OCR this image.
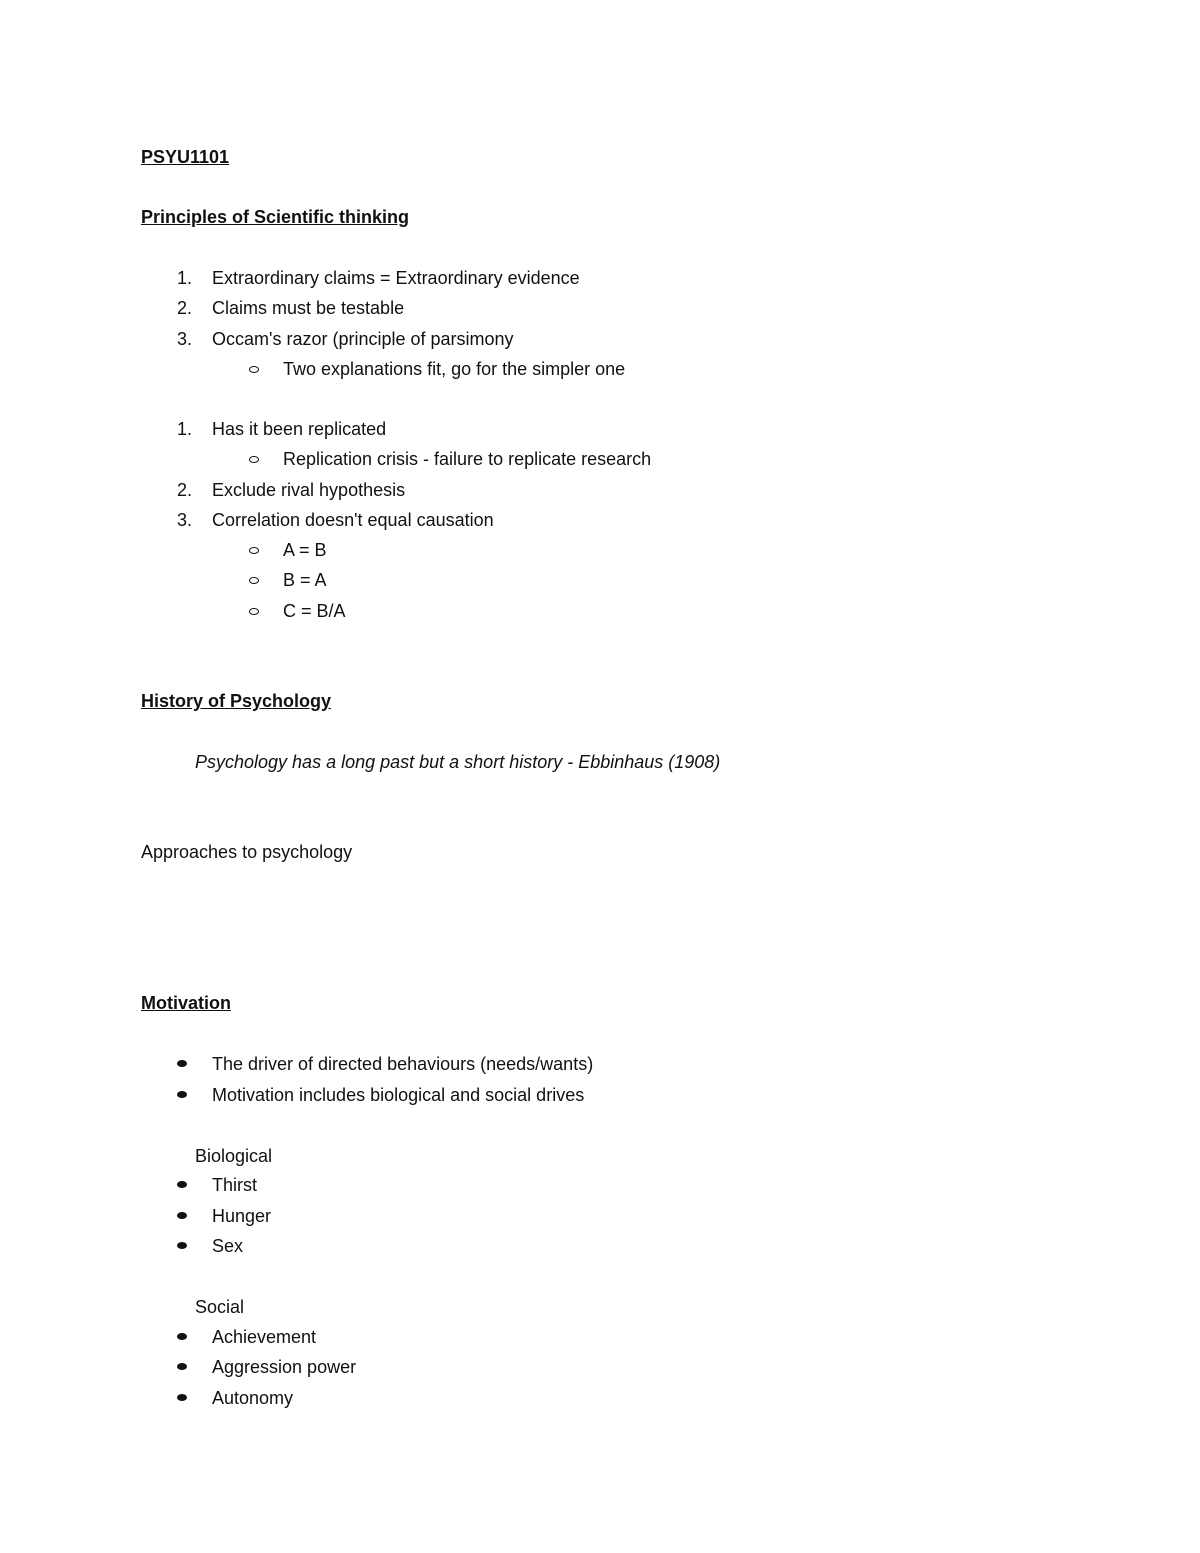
PSYU1101
Principles of Scientific thinking
1. Extraordinary claims = Extraordinary evidence
2. Claims must be testable
3. Occam's razor (principle of parsimony
Two explanations fit, go for the simpler one
1. Has it been replicated
Replication crisis - failure to replicate research
2. Exclude rival hypothesis
3. Correlation doesn't equal causation
A = B
B = A
C = B/A
History of Psychology
Psychology has a long past but a short history - Ebbinhaus (1908)
Approaches to psychology
Motivation
The driver of directed behaviours (needs/wants)
Motivation includes biological and social drives
Biological
Thirst
Hunger
Sex
Social
Achievement
Aggression power
Autonomy
